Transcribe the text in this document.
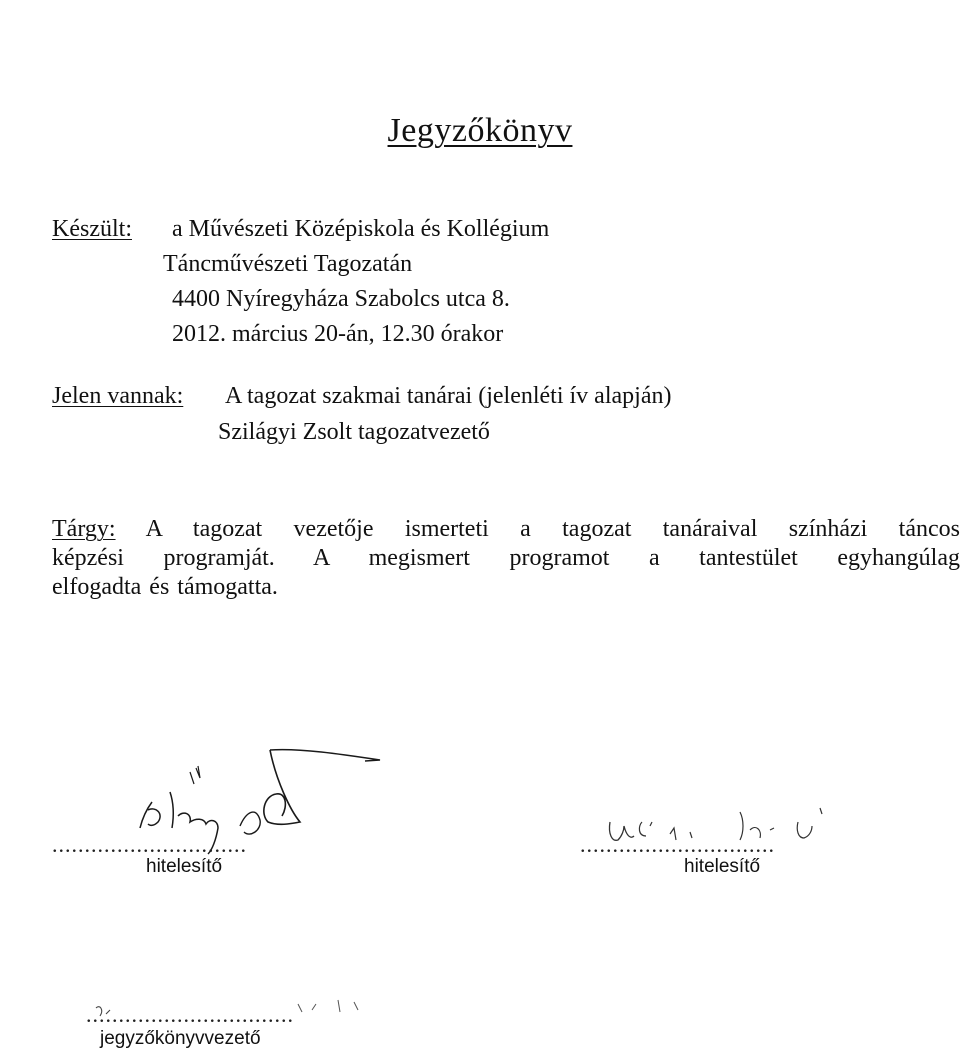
Jegyzőkönyv
Készült: a Művészeti Középiskola és Kollégium
Táncművészeti Tagozatán
4400 Nyíregyháza Szabolcs utca 8.
2012. március 20-án, 12.30 órakor
Jelen vannak: A tagozat szakmai tanárai (jelenléti ív alapján)
Szilágyi Zsolt tagozatvezető
Tárgy: A tagozat vezetője ismerteti a tagozat tanáraival színházi táncos
képzési programját. A megismert programot a tantestület egyhangúlag
elfogadta és támogatta.
..............................
hitelesítő
..............................
hitelesítő
................................
jegyzőkönyvvezető
